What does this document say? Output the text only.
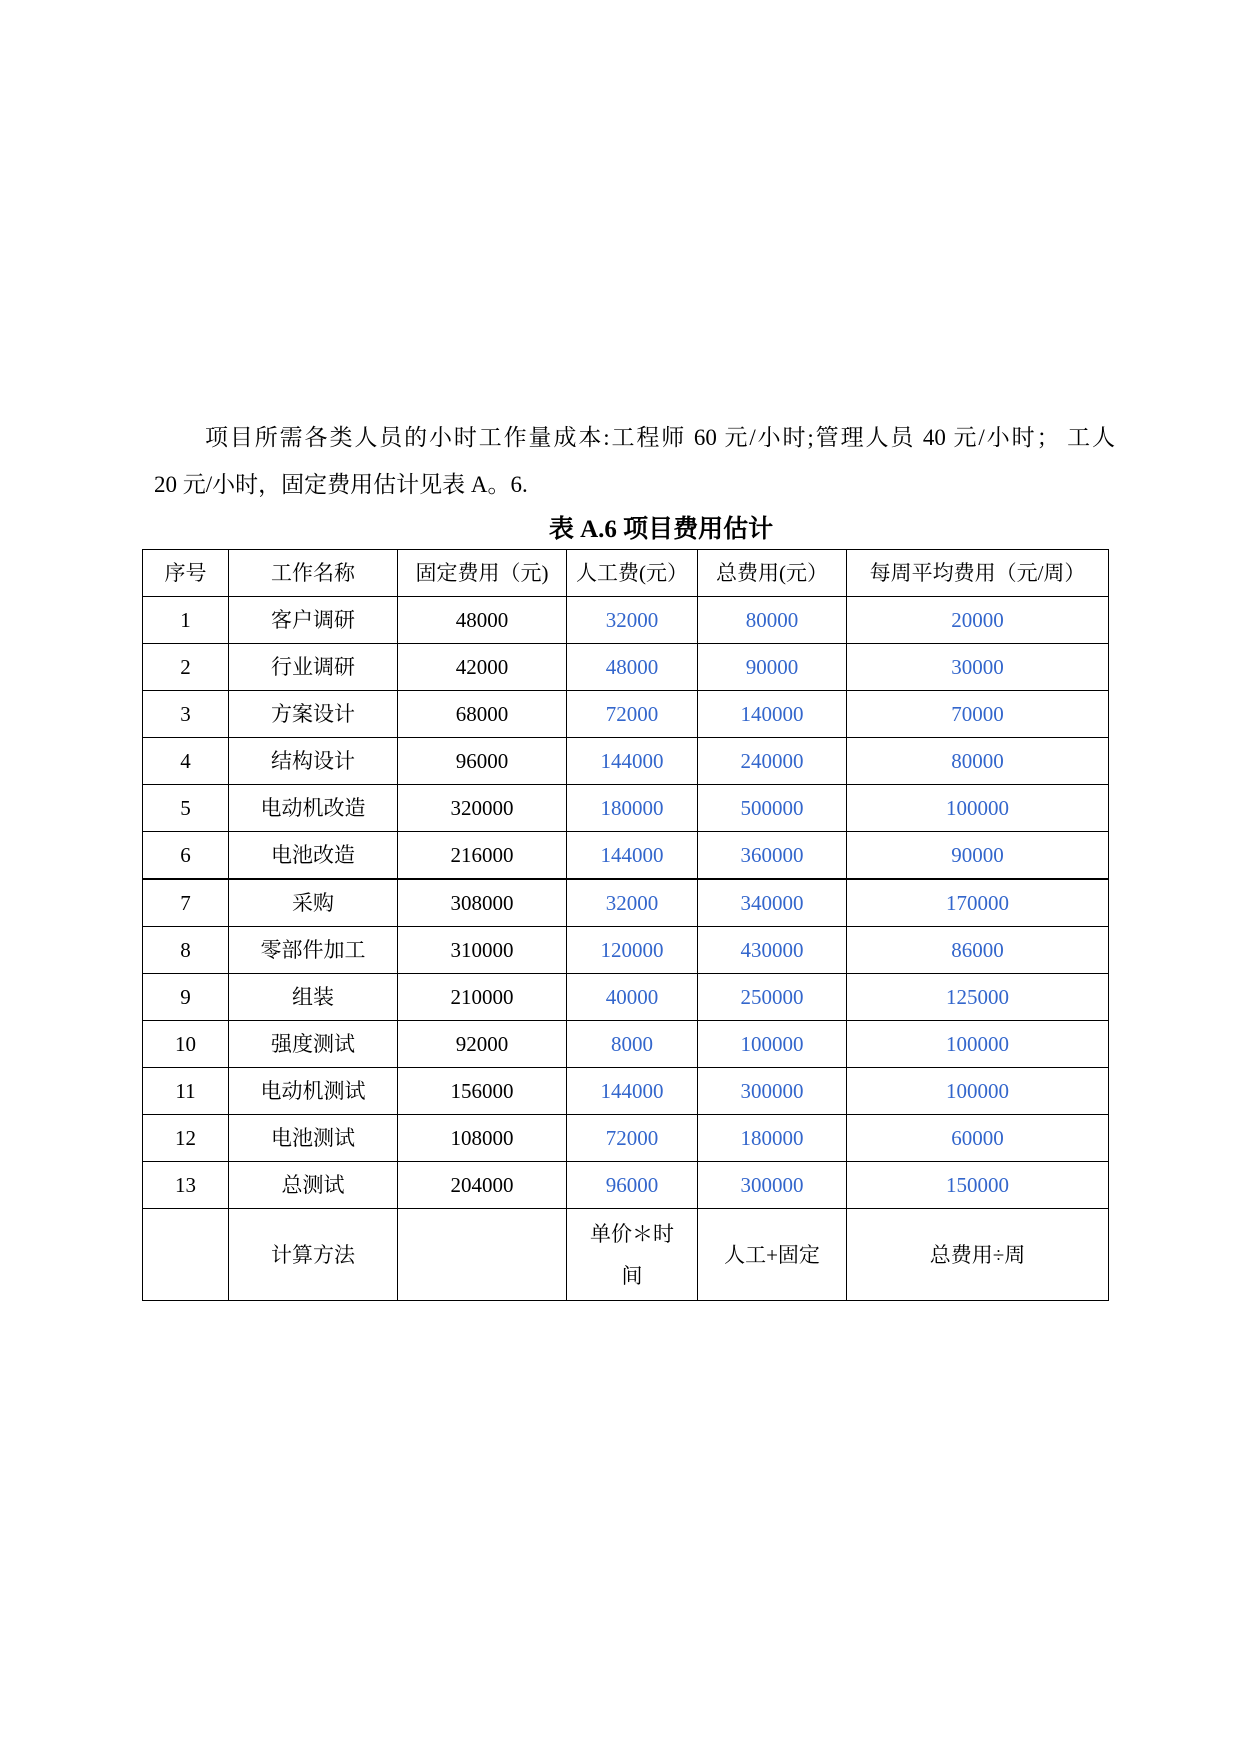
项目所需各类人员的小时工作量成本:工程师 60 元/小时;管理人员 40 元/小时； 工人
20 元/小时，固定费用估计见表 A。6.
表 A.6 项目费用估计
序号	工作名称	固定费用（元)	人工费(元）	总费用(元）	每周平均费用（元/周）
1	客户调研	48000	32000	80000	20000
2	行业调研	42000	48000	90000	30000
3	方案设计	68000	72000	140000	70000
4	结构设计	96000	144000	240000	80000
5	电动机改造	320000	180000	500000	100000
6	电池改造	216000	144000	360000	90000
7	采购	308000	32000	340000	170000
8	零部件加工	310000	120000	430000	86000
9	组装	210000	40000	250000	125000
10	强度测试	92000	8000	100000	100000
11	电动机测试	156000	144000	300000	100000
12	电池测试	108000	72000	180000	60000
13	总测试	204000	96000	300000	150000
	计算方法		单价＊时间	人工+固定	总费用÷周
